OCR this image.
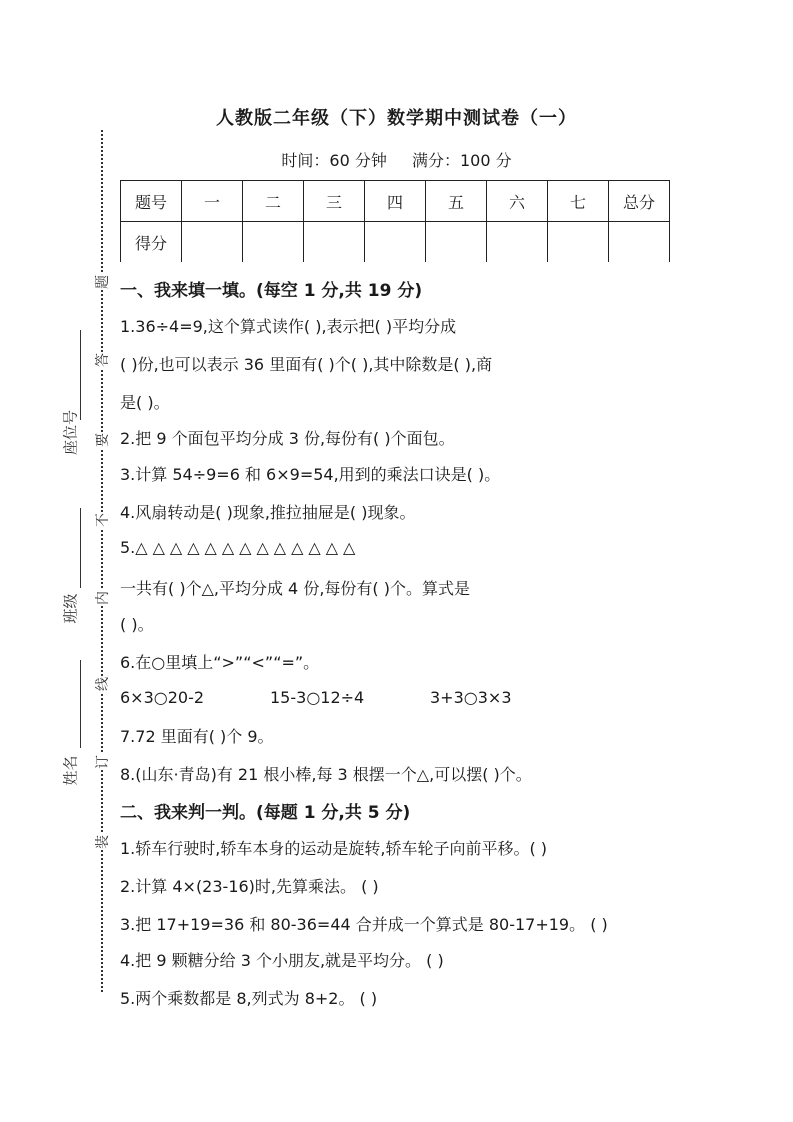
人教版二年级（下）数学期中测试卷（一）
时间：60 分钟 满分：100 分
题号	一	二	三	四	五	六	七	总分
得分								
题
答
要
不
内
线
订
装
座位号
班级
姓名
一、我来填一填。(每空 1 分,共 19 分)
1.36÷4=9,这个算式读作( ),表示把( )平均分成
( )份,也可以表示 36 里面有( )个( ),其中除数是( ),商
是( )。
2.把 9 个面包平均分成 3 份,每份有( )个面包。
3.计算 54÷9=6 和 6×9=54,用到的乘法口诀是( )。
4.风扇转动是( )现象,推拉抽屉是( )现象。
5.△ △ △ △ △ △ △ △ △ △ △ △ △
一共有( )个△,平均分成 4 份,每份有( )个。算式是
( )。
6.在○里填上“>”“<”“=”。
6×3○20-2	15-3○12÷4	3+3○3×3
7.72 里面有( )个 9。
8.(山东·青岛)有 21 根小棒,每 3 根摆一个△,可以摆( )个。
二、我来判一判。(每题 1 分,共 5 分)
1.轿车行驶时,轿车本身的运动是旋转,轿车轮子向前平移。( )
2.计算 4×(23-16)时,先算乘法。 ( )
3.把 17+19=36 和 80-36=44 合并成一个算式是 80-17+19。 ( )
4.把 9 颗糖分给 3 个小朋友,就是平均分。 ( )
5.两个乘数都是 8,列式为 8+2。 ( )
